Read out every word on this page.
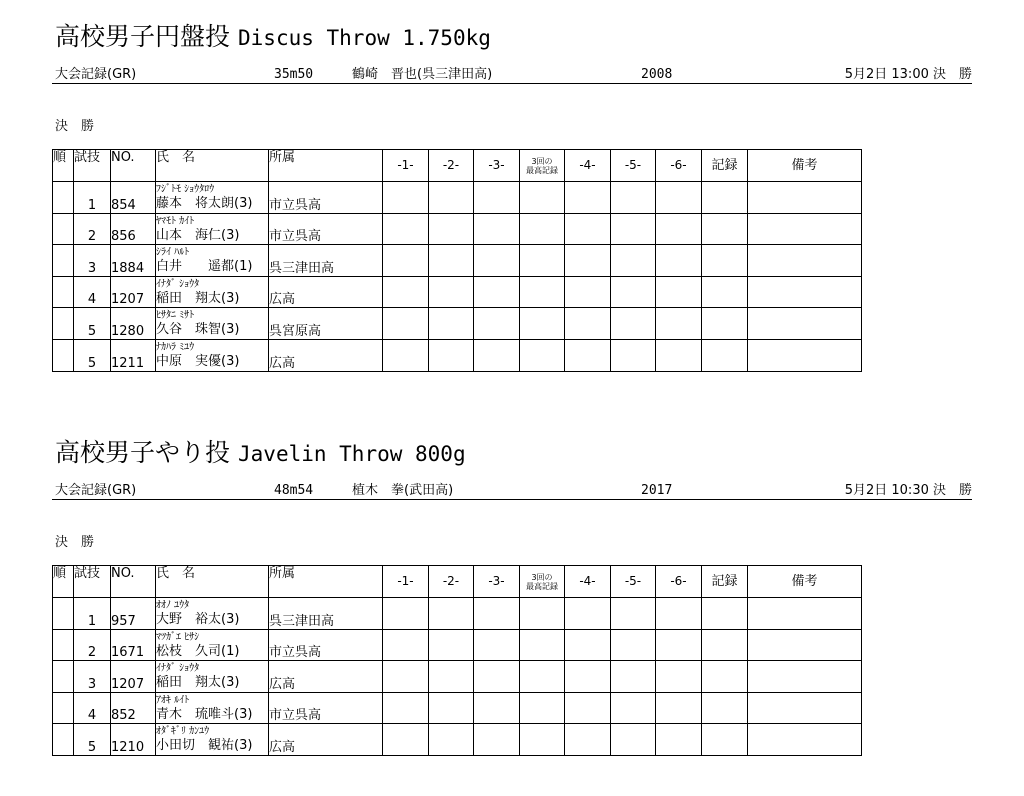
高校男子円盤投 Discus Throw 1.750kg
大会記録(GR)	35m50	鶴崎　晋也(呉三津田高)	2008	5月2日 13:00 決　勝
決　勝
順	試技	NO.	氏　名	所属	-1-	-2-	-3-	3回の
最高記録	-4-	-5-	-6-	記録	備考
	1	854	ﾌｼﾞﾄﾓ ｼｮｳﾀﾛｳ
藤本　将太朗(3)	市立呉高									
	2	856	ﾔﾏﾓﾄ ｶｲﾄ
山本　海仁(3)	市立呉高									
	3	1884	ｼﾗｲ ﾊﾙﾄ
白井　　遥都(1)	呉三津田高									
	4	1207	ｲﾅﾀﾞ ｼｮｳﾀ
稲田　翔太(3)	広高									
	5	1280	ﾋｻﾀﾆ ﾐｻﾄ
久谷　珠智(3)	呉宮原高									
	5	1211	ﾅｶﾊﾗ ﾐﾕｳ
中原　実優(3)	広高									
高校男子やり投 Javelin Throw 800g
大会記録(GR)	48m54	植木　拳(武田高)	2017	5月2日 10:30 決　勝
決　勝
順	試技	NO.	氏　名	所属	-1-	-2-	-3-	3回の
最高記録	-4-	-5-	-6-	記録	備考
	1	957	ｵｵﾉ ﾕｳﾀ
大野　裕太(3)	呉三津田高									
	2	1671	ﾏﾂｶﾞｴ ﾋｻｼ
松枝　久司(1)	市立呉高									
	3	1207	ｲﾅﾀﾞ ｼｮｳﾀ
稲田　翔太(3)	広高									
	4	852	ｱｵｷ ﾙｲﾄ
青木　琉唯斗(3)	市立呉高									
	5	1210	ｵﾀﾞｷﾞﾘ ｶﾝﾕｳ
小田切　観祐(3)	広高									
